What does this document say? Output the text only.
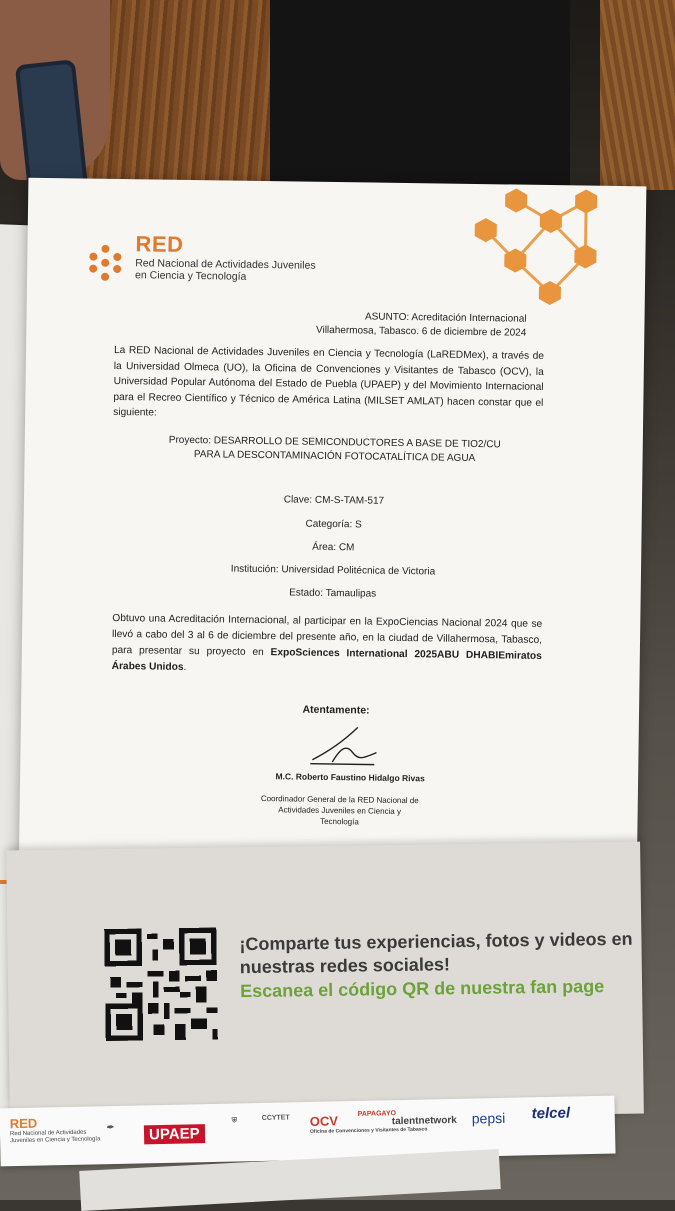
RED
Red Nacional de Actividades Juveniles en Ciencia y Tecnología
ASUNTO: Acreditación Internacional
Villahermosa, Tabasco. 6 de diciembre de 2024
La RED Nacional de Actividades Juveniles en Ciencia y Tecnología (LaREDMex), a través de la Universidad Olmeca (UO), la Oficina de Convenciones y Visitantes de Tabasco (OCV), la Universidad Popular Autónoma del Estado de Puebla (UPAEP) y del Movimiento Internacional para el Recreo Científico y Técnico de América Latina (MILSET AMLAT) hacen constar que el siguiente:
Proyecto: DESARROLLO DE SEMICONDUCTORES A BASE DE TIO2/CU PARA LA DESCONTAMINACIÓN FOTOCATALÍTICA DE AGUA
Clave: CM-S-TAM-517
Categoría: S
Área: CM
Institución: Universidad Politécnica de Victoria
Estado: Tamaulipas
Obtuvo una Acreditación Internacional, al participar en la ExpoCiencias Nacional 2024 que se llevó a cabo del 3 al 6 de diciembre del presente año, en la ciudad de Villahermosa, Tabasco, para presentar su proyecto en ExpoSciences International 2025ABU DHABIEmiratos Árabes Unidos.
Atentamente:
M.C. Roberto Faustino Hidalgo Rivas
Coordinador General de la RED Nacional de Actividades Juveniles en Ciencia y Tecnología
¡Comparte tus experiencias, fotos y videos en nuestras redes sociales!
Escanea el código QR de nuestra fan page
RED
Red Nacional de Actividades Juveniles en Ciencia y Tecnología
✒	UPAEP
⛨	CCYTET OCV
Oficina de Convenciones y Visitantes de Tabasco
PAPAGAYO
talentnetwork pepsi telcel
